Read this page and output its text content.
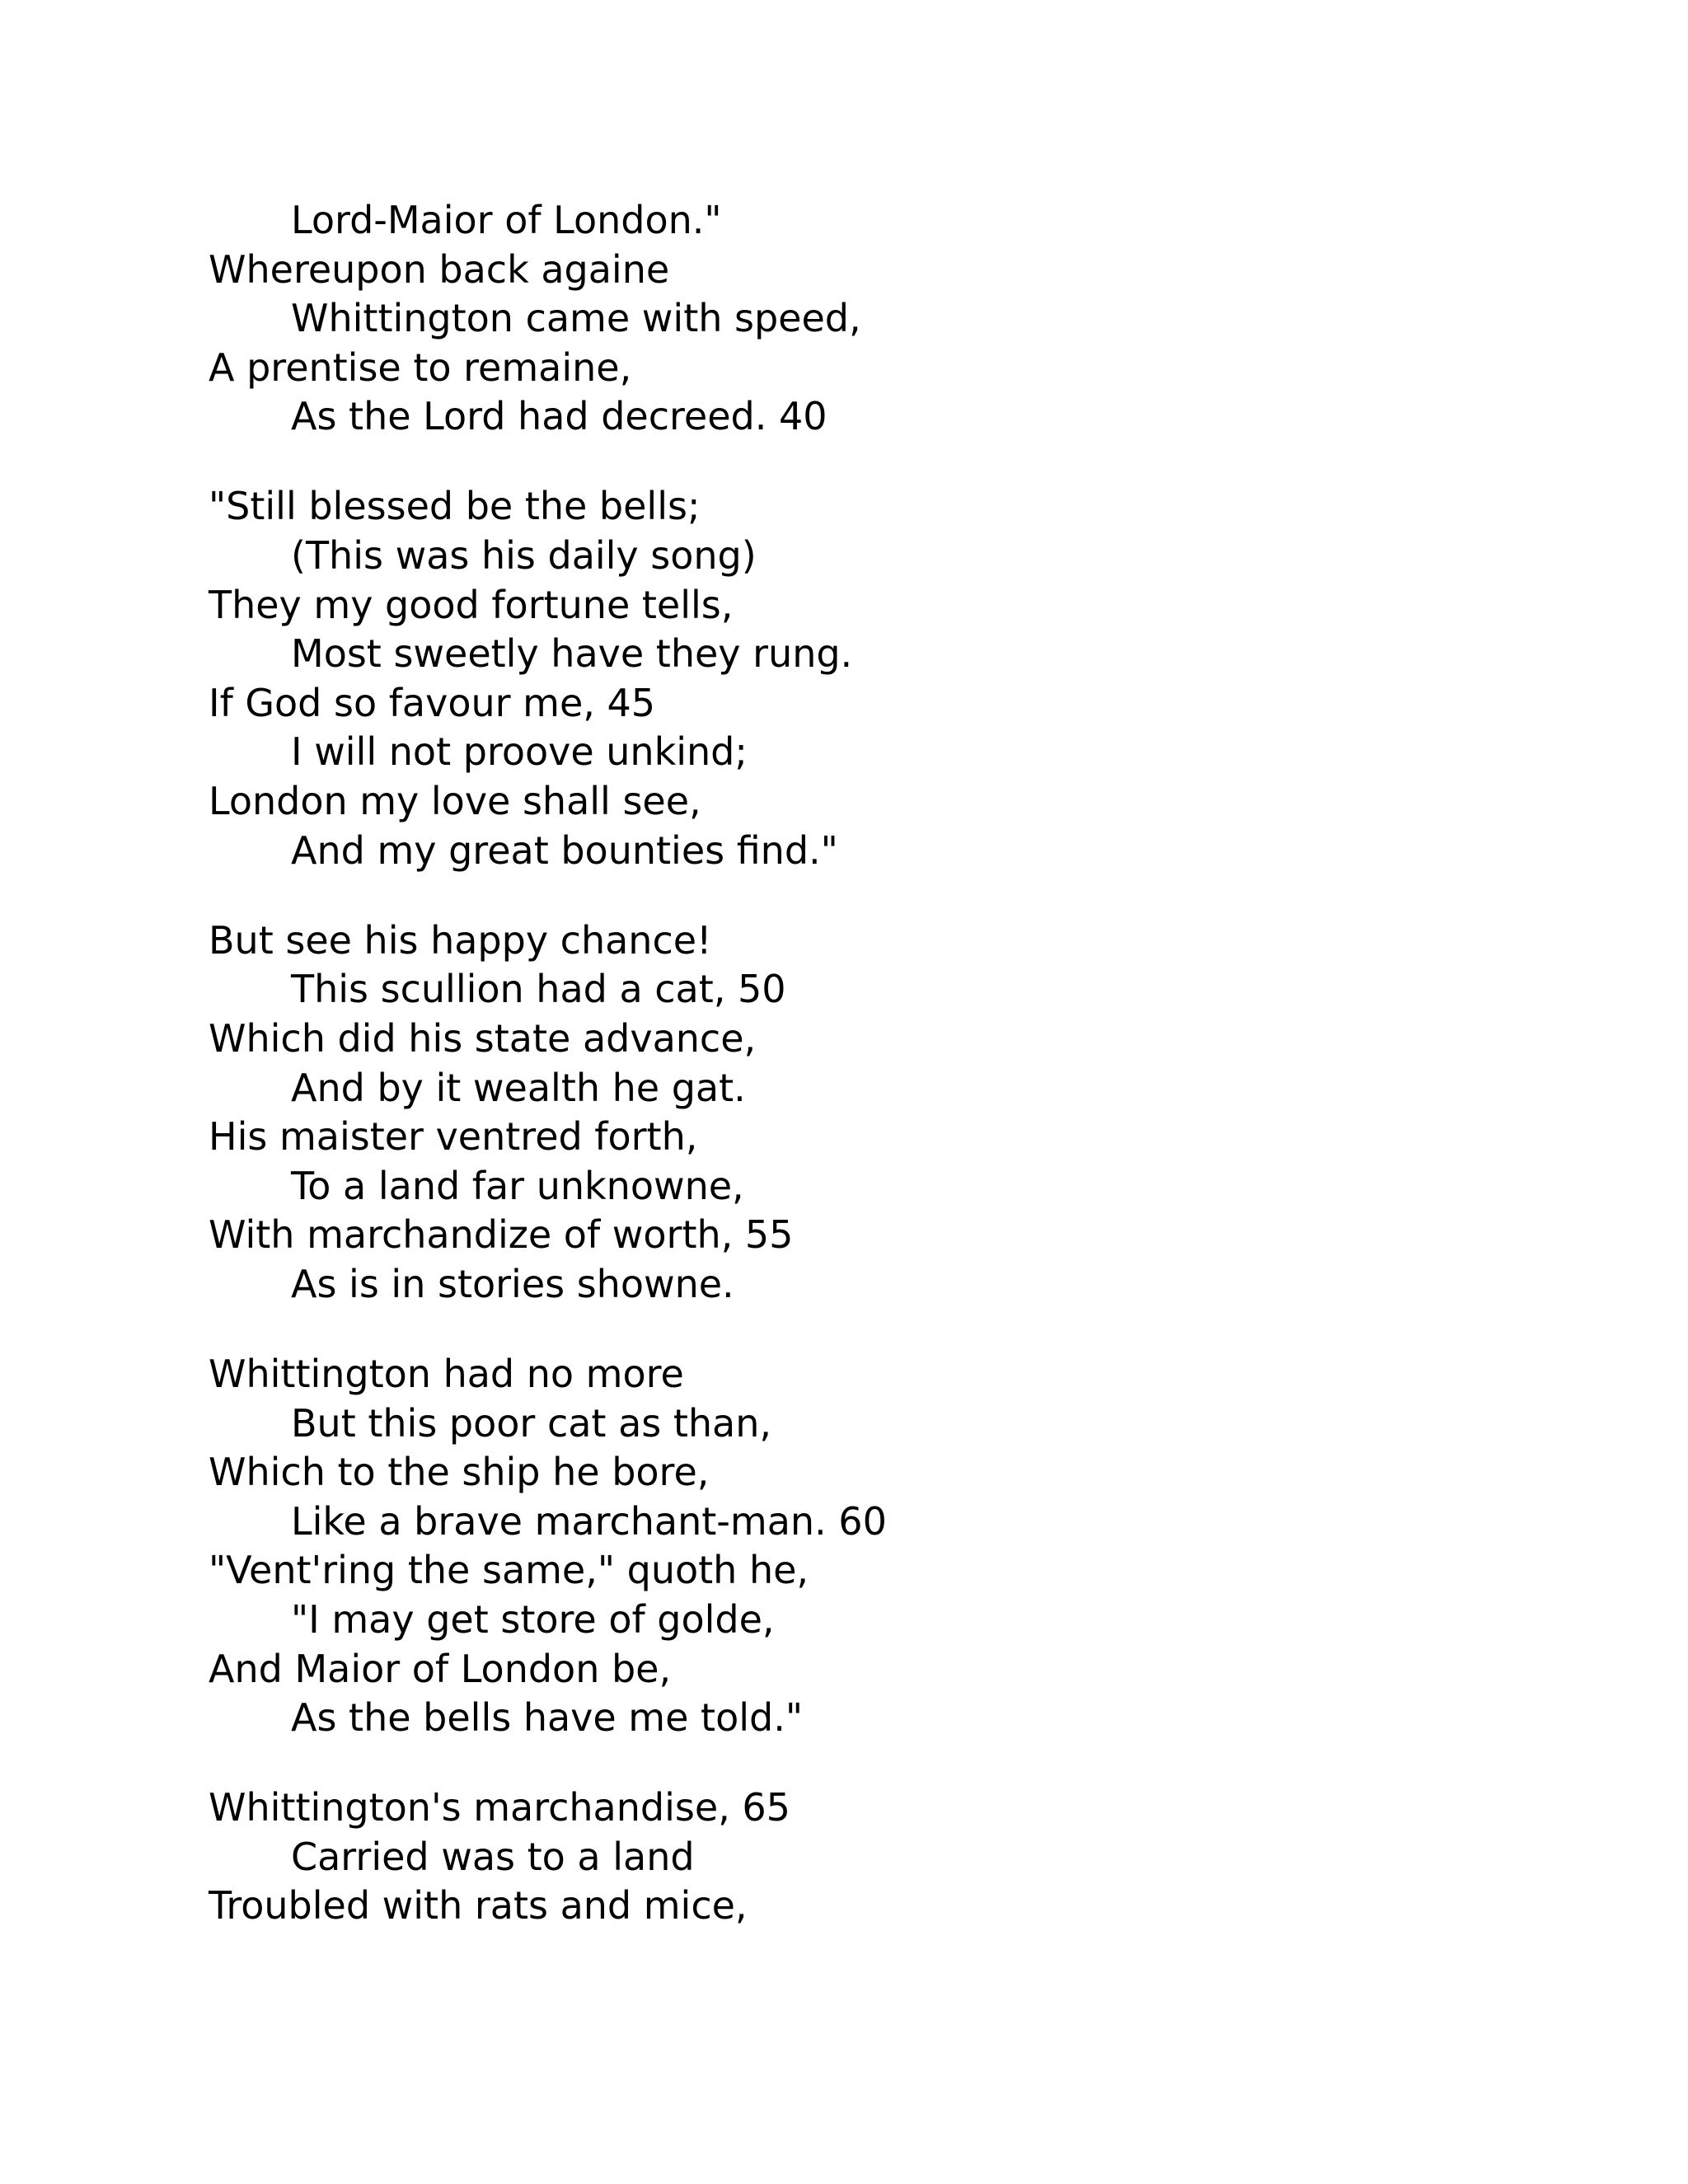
Lord-Maior of London."
Whereupon back againe
Whittington came with speed,
A prentise to remaine,
As the Lord had decreed. 40
"Still blessed be the bells;
(This was his daily song)
They my good fortune tells,
Most sweetly have they rung.
If God so favour me, 45
I will not proove unkind;
London my love shall see,
And my great bounties find."
But see his happy chance!
This scullion had a cat, 50
Which did his state advance,
And by it wealth he gat.
His maister ventred forth,
To a land far unknowne,
With marchandize of worth, 55
As is in stories showne.
Whittington had no more
But this poor cat as than,
Which to the ship he bore,
Like a brave marchant-man. 60
"Vent'ring the same," quoth he,
"I may get store of golde,
And Maior of London be,
As the bells have me told."
Whittington's marchandise, 65
Carried was to a land
Troubled with rats and mice,
